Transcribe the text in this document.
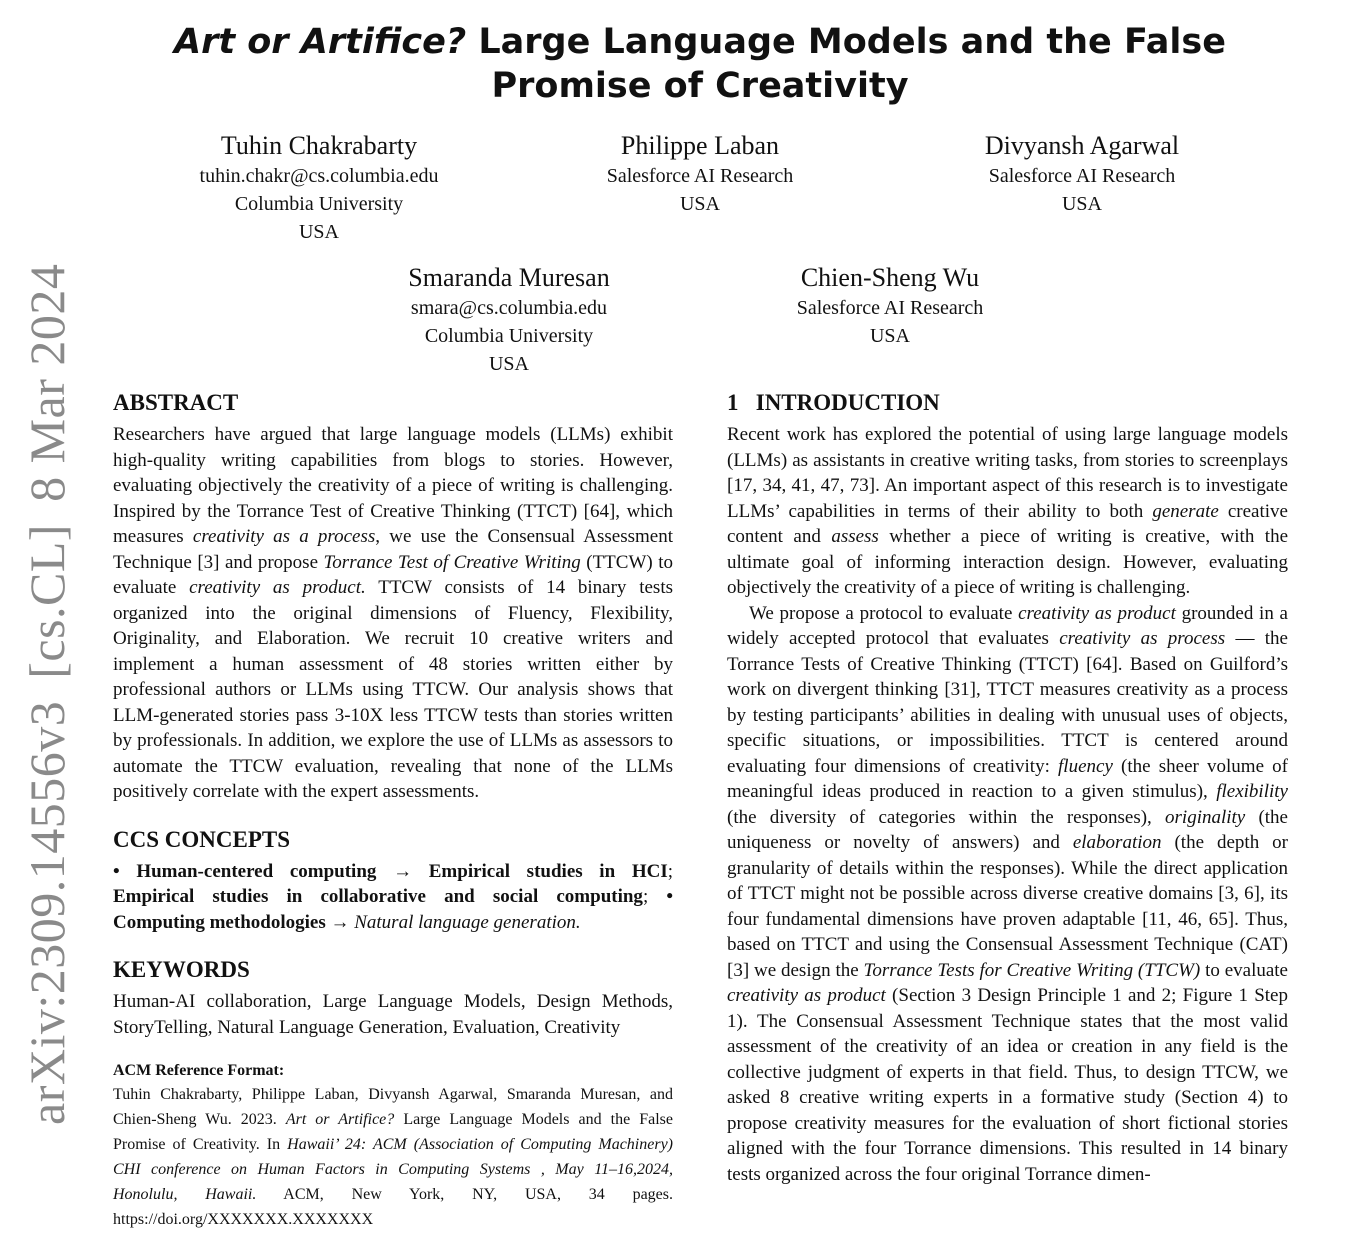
arXiv:2309.14556v3[cs.CL]8 Mar 2024
Art or Artifice? Large Language Models and the False Promise of Creativity
Tuhin Chakrabarty
tuhin.chakr@cs.columbia.edu
Columbia University
USA
Philippe Laban
Salesforce AI Research
USA
Divyansh Agarwal
Salesforce AI Research
USA
Smaranda Muresan
smara@cs.columbia.edu
Columbia University
USA
Chien-Sheng Wu
Salesforce AI Research
USA
ABSTRACT

Researchers have argued that large language models (LLMs) exhibit high-quality writing capabilities from blogs to stories. However, evaluating objectively the creativity of a piece of writing is challenging. Inspired by the Torrance Test of Creative Thinking (TTCT) [64], which measures creativity as a process, we use the Consensual Assessment Technique [3] and propose Torrance Test of Creative Writing (TTCW) to evaluate creativity as product. TTCW consists of 14 binary tests organized into the original dimensions of Fluency, Flexibility, Originality, and Elaboration. We recruit 10 creative writers and implement a human assessment of 48 stories written either by professional authors or LLMs using TTCW. Our analysis shows that LLM-generated stories pass 3-10X less TTCW tests than stories written by professionals. In addition, we explore the use of LLMs as assessors to automate the TTCW evaluation, revealing that none of the LLMs positively correlate with the expert assessments.

CCS CONCEPTS

• Human-centered computing → Empirical studies in HCI; Empirical studies in collaborative and social computing; • Computing methodologies → Natural language generation.

KEYWORDS

Human-AI collaboration, Large Language Models, Design Methods, StoryTelling, Natural Language Generation, Evaluation, Creativity

ACM Reference Format:

Tuhin Chakrabarty, Philippe Laban, Divyansh Agarwal, Smaranda Muresan, and Chien-Sheng Wu. 2023. Art or Artifice? Large Language Models and the False Promise of Creativity. In Hawaii’ 24: ACM (Association of Computing Machinery) CHI conference on Human Factors in Computing Systems , May 11–16,2024, Honolulu, Hawaii. ACM, New York, NY, USA, 34 pages. https://doi.org/XXXXXXX.XXXXXXX

1   INTRODUCTION

Recent work has explored the potential of using large language models (LLMs) as assistants in creative writing tasks, from stories to screenplays [17, 34, 41, 47, 73]. An important aspect of this research is to investigate LLMs’ capabilities in terms of their ability to both generate creative content and assess whether a piece of writing is creative, with the ultimate goal of informing interaction design. However, evaluating objectively the creativity of a piece of writing is challenging.

We propose a protocol to evaluate creativity as product grounded in a widely accepted protocol that evaluates creativity as process — the Torrance Tests of Creative Thinking (TTCT) [64]. Based on Guilford’s work on divergent thinking [31], TTCT measures creativity as a process by testing participants’ abilities in dealing with unusual uses of objects, specific situations, or impossibilities. TTCT is centered around evaluating four dimensions of creativity: fluency (the sheer volume of meaningful ideas produced in reaction to a given stimulus), flexibility (the diversity of categories within the responses), originality (the uniqueness or novelty of answers) and elaboration (the depth or granularity of details within the responses). While the direct application of TTCT might not be possible across diverse creative domains [3, 6], its four fundamental dimensions have proven adaptable [11, 46, 65]. Thus, based on TTCT and using the Consensual Assessment Technique (CAT) [3] we design the Torrance Tests for Creative Writing (TTCW) to evaluate creativity as product (Section 3 Design Principle 1 and 2; Figure 1 Step 1). The Consensual Assessment Technique states that the most valid assessment of the creativity of an idea or creation in any field is the collective judgment of experts in that field. Thus, to design TTCW, we asked 8 creative writing experts in a formative study (Section 4) to propose creativity measures for the evaluation of short fictional stories aligned with the four Torrance dimensions. This resulted in 14 binary tests organized across the four original Torrance dimen-
